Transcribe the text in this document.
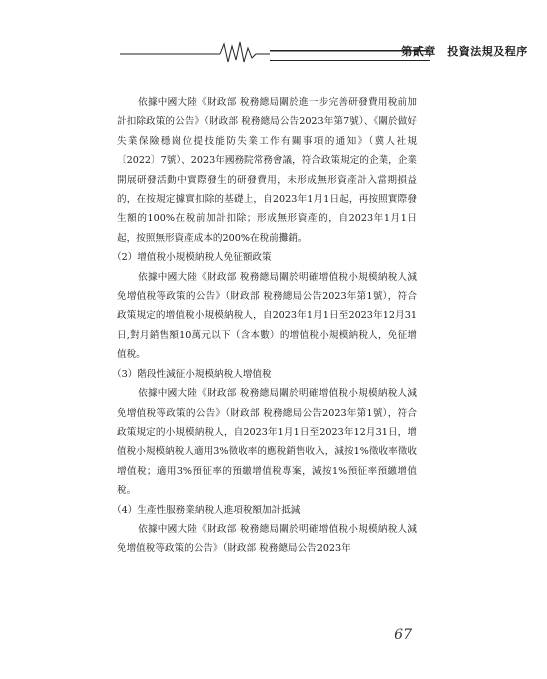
第貳章　投資法規及程序

依據中國大陸《財政部 稅務總局關於進一步完善研發費用稅前加計扣除政策的公告》（財政部 稅務總局公告2023年第7號）、《關於做好失業保險穩崗位提技能防失業工作有關事項的通知》（冀人社規〔2022〕7號）、2023年國務院常務會議，符合政策規定的企業，企業開展研發活動中實際發生的研發費用，未形成無形資產計入當期損益的，在按規定據實扣除的基礎上，自2023年1月1日起，再按照實際發生額的100%在稅前加計扣除；形成無形資產的，自2023年1月1日起，按照無形資產成本的200%在稅前攤銷。

（2）增值稅小規模納稅人免征額政策

依據中國大陸《財政部 稅務總局關於明確增值稅小規模納稅人減免增值稅等政策的公告》（財政部 稅務總局公告2023年第1號），符合政策規定的增值稅小規模納稅人，自2023年1月1日至2023年12月31日,對月銷售額10萬元以下（含本數）的增值稅小規模納稅人，免征增值稅。

（3）階段性減征小規模納稅人增值稅

依據中國大陸《財政部 稅務總局關於明確增值稅小規模納稅人減免增值稅等政策的公告》（財政部 稅務總局公告2023年第1號），符合政策規定的小規模納稅人，自2023年1月1日至2023年12月31日，增值稅小規模納稅人適用3%徵收率的應稅銷售收入，減按1%徵收率徵收增值稅；適用3%預征率的預繳增值稅專案，減按1%預征率預繳增值稅。

（4）生產性服務業納稅人進項稅額加計抵減

依據中國大陸《財政部 稅務總局關於明確增值稅小規模納稅人減免增值稅等政策的公告》（財政部 稅務總局公告2023年

67
